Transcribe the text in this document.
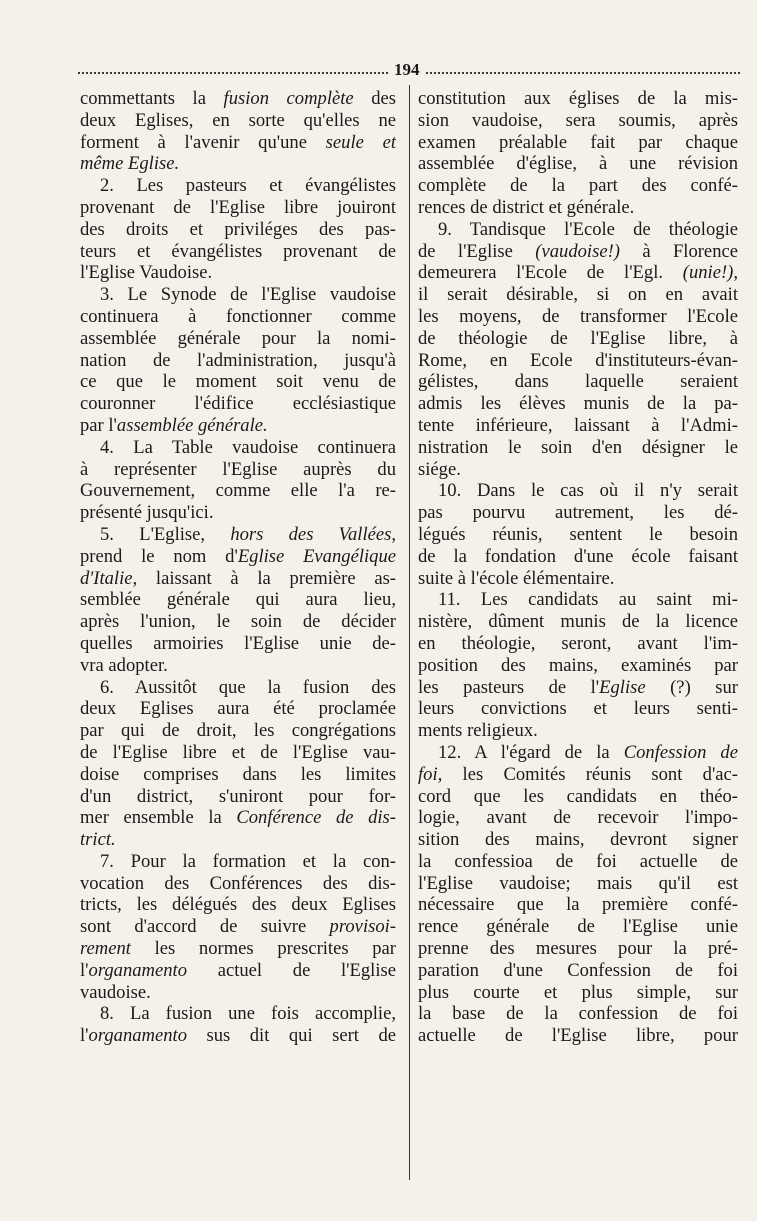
194
commettants la fusion complète des
deux Eglises, en sorte qu'elles ne
forment à l'avenir qu'une seule et
même Eglise.
2. Les pasteurs et évangélistes
provenant de l'Eglise libre jouiront
des droits et priviléges des pas-
teurs et évangélistes provenant de
l'Eglise Vaudoise.
3. Le Synode de l'Eglise vaudoise
continuera à fonctionner comme
assemblée générale pour la nomi-
nation de l'administration, jusqu'à
ce que le moment soit venu de
couronner l'édifice ecclésiastique
par l'assemblée générale.
4. La Table vaudoise continuera
à représenter l'Eglise auprès du
Gouvernement, comme elle l'a re-
présenté jusqu'ici.
5. L'Eglise, hors des Vallées,
prend le nom d'Eglise Evangélique
d'Italie, laissant à la première as-
semblée générale qui aura lieu,
après l'union, le soin de décider
quelles armoiries l'Eglise unie de-
vra adopter.
6. Aussitôt que la fusion des
deux Eglises aura été proclamée
par qui de droit, les congrégations
de l'Eglise libre et de l'Eglise vau-
doise comprises dans les limites
d'un district, s'uniront pour for-
mer ensemble la Conférence de dis-
trict.
7. Pour la formation et la con-
vocation des Conférences des dis-
tricts, les délégués des deux Eglises
sont d'accord de suivre provisoi-
rement les normes prescrites par
l'organamento actuel de l'Eglise
vaudoise.
8. La fusion une fois accomplie,
l'organamento sus dit qui sert de
constitution aux églises de la mis-
sion vaudoise, sera soumis, après
examen préalable fait par chaque
assemblée d'église, à une révision
complète de la part des confé-
rences de district et générale.
9. Tandisque l'Ecole de théologie
de l'Eglise (vaudoise!) à Florence
demeurera l'Ecole de l'Egl. (unie!),
il serait désirable, si on en avait
les moyens, de transformer l'Ecole
de théologie de l'Eglise libre, à
Rome, en Ecole d'instituteurs-évan-
gélistes, dans laquelle seraient
admis les élèves munis de la pa-
tente inférieure, laissant à l'Admi-
nistration le soin d'en désigner le
siége.
10. Dans le cas où il n'y serait
pas pourvu autrement, les dé-
légués réunis, sentent le besoin
de la fondation d'une école faisant
suite à l'école élémentaire.
11. Les candidats au saint mi-
nistère, dûment munis de la licence
en théologie, seront, avant l'im-
position des mains, examinés par
les pasteurs de l'Eglise (?) sur
leurs convictions et leurs senti-
ments religieux.
12. A l'égard de la Confession de
foi, les Comités réunis sont d'ac-
cord que les candidats en théo-
logie, avant de recevoir l'impo-
sition des mains, devront signer
la confessioa de foi actuelle de
l'Eglise vaudoise; mais qu'il est
nécessaire que la première confé-
rence générale de l'Eglise unie
prenne des mesures pour la pré-
paration d'une Confession de foi
plus courte et plus simple, sur
la base de la confession de foi
actuelle de l'Eglise libre, pour
